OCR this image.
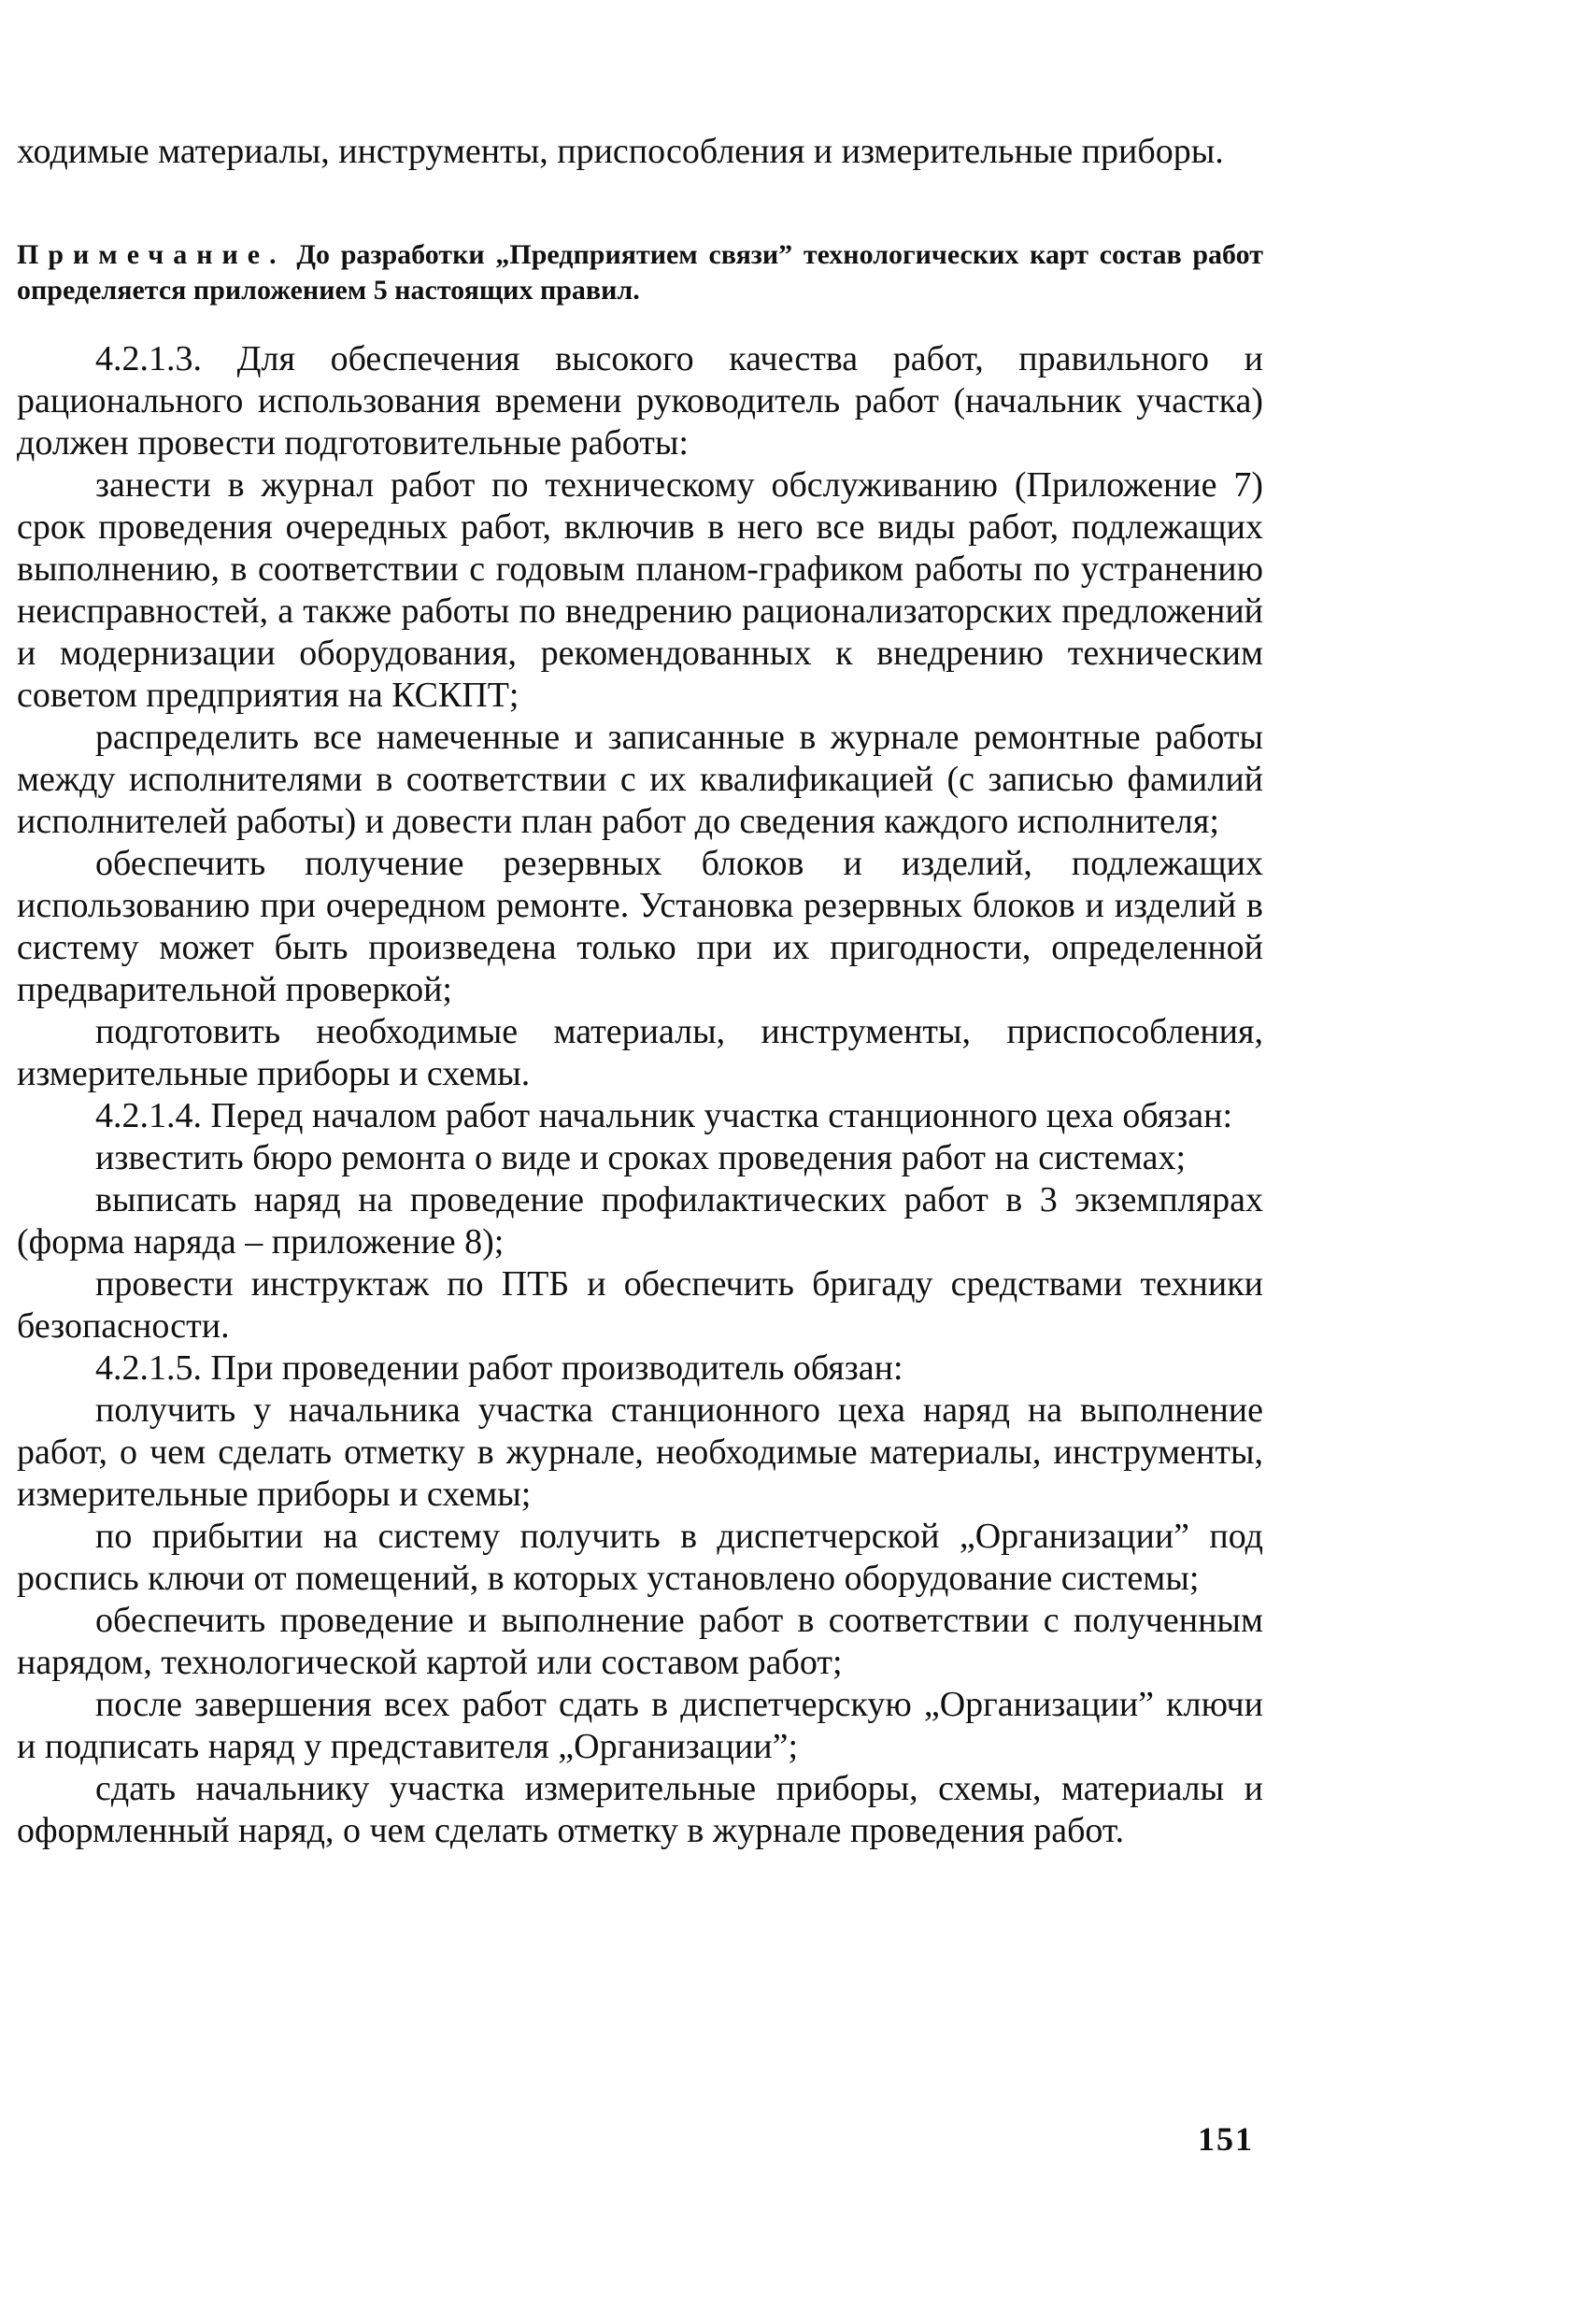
ходимые материалы, инструменты, приспособления и измерительные приборы.

Примечание. До разработки „Предприятием связи” технологических карт состав работ определяется приложением 5 настоящих правил.

4.2.1.3. Для обеспечения высокого качества работ, правильного и рационального использования времени руководитель работ (начальник участка) должен провести подготовительные работы:

занести в журнал работ по техническому обслуживанию (Приложение 7) срок проведения очередных работ, включив в него все виды работ, подлежащих выполнению, в соответствии с годовым планом-графиком работы по устранению неисправностей, а также работы по внедрению рационализаторских предложений и модернизации оборудования, рекомендованных к внедрению техническим советом предприятия на КСКПТ;

распределить все намеченные и записанные в журнале ремонтные работы между исполнителями в соответствии с их квалификацией (с записью фамилий исполнителей работы) и довести план работ до сведения каждого исполнителя;

обеспечить получение резервных блоков и изделий, подлежащих использованию при очередном ремонте. Установка резервных блоков и изделий в систему может быть произведена только при их пригодности, определенной предварительной проверкой;

подготовить необходимые материалы, инструменты, приспособления, измерительные приборы и схемы.

4.2.1.4. Перед началом работ начальник участка станционного цеха обязан:

известить бюро ремонта о виде и сроках проведения работ на системах;

выписать наряд на проведение профилактических работ в 3 экземплярах (форма наряда – приложение 8);

провести инструктаж по ПТБ и обеспечить бригаду средствами техники безопасности.

4.2.1.5. При проведении работ производитель обязан:

получить у начальника участка станционного цеха наряд на выполнение работ, о чем сделать отметку в журнале, необходимые материалы, инструменты, измерительные приборы и схемы;

по прибытии на систему получить в диспетчерской „Организации” под роспись ключи от помещений, в которых установлено оборудование системы;

обеспечить проведение и выполнение работ в соответствии с полученным нарядом, технологической картой или составом работ;

после завершения всех работ сдать в диспетчерскую „Организации” ключи и подписать наряд у представителя „Организации”;

сдать начальнику участка измерительные приборы, схемы, материалы и оформленный наряд, о чем сделать отметку в журнале проведения работ.

151
